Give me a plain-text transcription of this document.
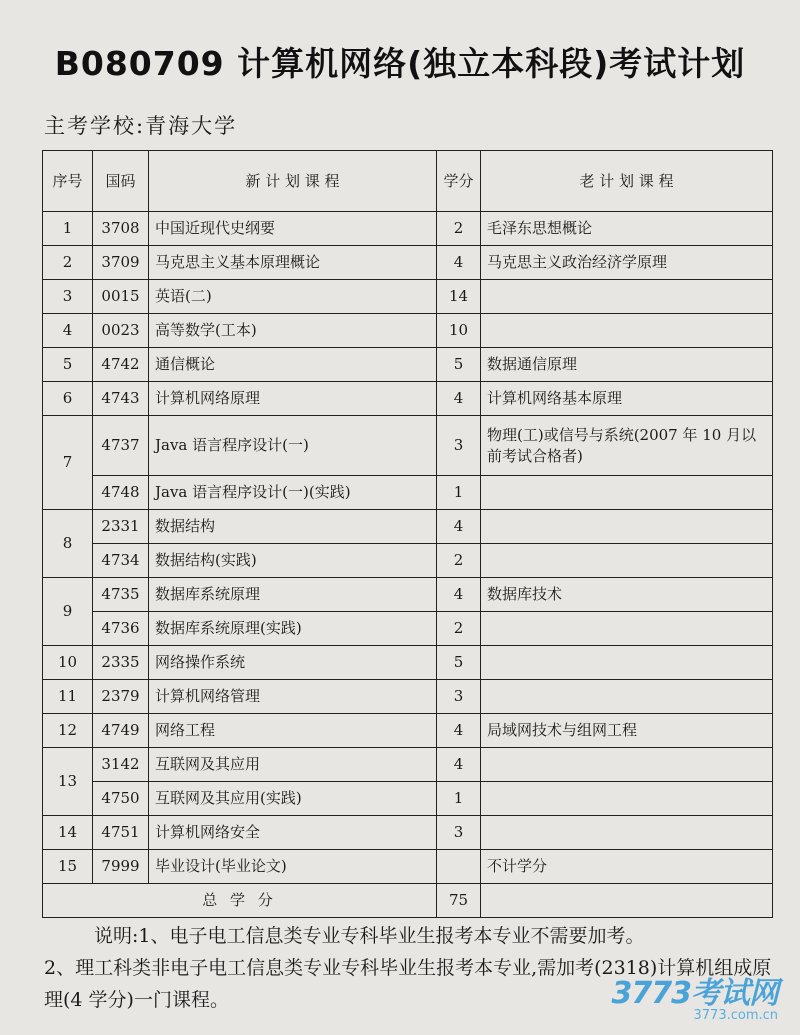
B080709 计算机网络(独立本科段)考试计划
主考学校:青海大学
序号	国码	新 计 划 课 程	学分	老 计 划 课 程
1	3708	中国近现代史纲要	2	毛泽东思想概论
2	3709	马克思主义基本原理概论	4	马克思主义政治经济学原理
3	0015	英语(二)	14	
4	0023	高等数学(工本)	10	
5	4742	通信概论	5	数据通信原理
6	4743	计算机网络原理	4	计算机网络基本原理
7	4737	Java 语言程序设计(一)	3	物理(工)或信号与系统(2007 年 10 月以前考试合格者)
	4748	Java 语言程序设计(一)(实践)	1	
8	2331	数据结构	4	
	4734	数据结构(实践)	2	
9	4735	数据库系统原理	4	数据库技术
	4736	数据库系统原理(实践)	2	
10	2335	网络操作系统	5	
11	2379	计算机网络管理	3	
12	4749	网络工程	4	局域网技术与组网工程
13	3142	互联网及其应用	4	
	4750	互联网及其应用(实践)	1	
14	4751	计算机网络安全	3	
15	7999	毕业设计(毕业论文)		不计学分
总 学 分			75	

说明:1、电子电工信息类专业专科毕业生报考本专业不需要加考。

2、理工科类非电子电工信息类专业专科毕业生报考本专业,需加考(2318)计算机组成原理(4 学分)一门课程。	3773考试网
3773.com.cn
